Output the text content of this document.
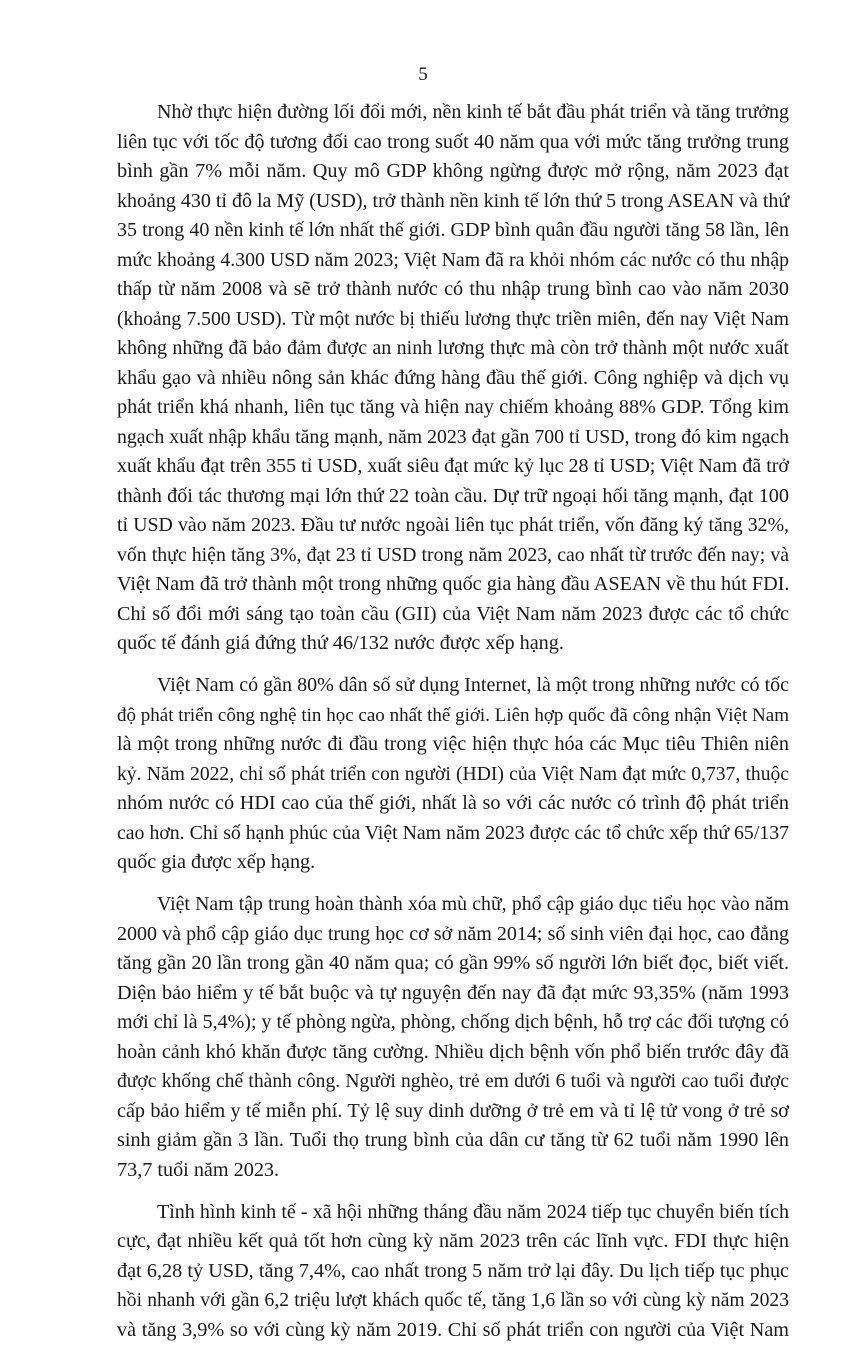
5

Nhờ thực hiện đường lối đổi mới, nền kinh tế bắt đầu phát triển và tăng trưởng

liên tục với tốc độ tương đối cao trong suốt 40 năm qua với mức tăng trưởng trung

bình gần 7% mỗi năm. Quy mô GDP không ngừng được mở rộng, năm 2023 đạt

khoảng 430 tỉ đô la Mỹ (USD), trở thành nền kinh tế lớn thứ 5 trong ASEAN và thứ

35 trong 40 nền kinh tế lớn nhất thế giới. GDP bình quân đầu người tăng 58 lần, lên

mức khoảng 4.300 USD năm 2023; Việt Nam đã ra khỏi nhóm các nước có thu nhập

thấp từ năm 2008 và sẽ trở thành nước có thu nhập trung bình cao vào năm 2030

(khoảng 7.500 USD). Từ một nước bị thiếu lương thực triền miên, đến nay Việt Nam

không những đã bảo đảm được an ninh lương thực mà còn trở thành một nước xuất

khẩu gạo và nhiều nông sản khác đứng hàng đầu thế giới. Công nghiệp và dịch vụ

phát triển khá nhanh, liên tục tăng và hiện nay chiếm khoảng 88% GDP. Tổng kim

ngạch xuất nhập khẩu tăng mạnh, năm 2023 đạt gần 700 tỉ USD, trong đó kim ngạch

xuất khẩu đạt trên 355 tỉ USD, xuất siêu đạt mức kỷ lục 28 tỉ USD; Việt Nam đã trở

thành đối tác thương mại lớn thứ 22 toàn cầu. Dự trữ ngoại hối tăng mạnh, đạt 100

tỉ USD vào năm 2023. Đầu tư nước ngoài liên tục phát triển, vốn đăng ký tăng 32%,

vốn thực hiện tăng 3%, đạt 23 tỉ USD trong năm 2023, cao nhất từ trước đến nay; và

Việt Nam đã trở thành một trong những quốc gia hàng đầu ASEAN về thu hút FDI.

Chỉ số đổi mới sáng tạo toàn cầu (GII) của Việt Nam năm 2023 được các tổ chức

quốc tế đánh giá đứng thứ 46/132 nước được xếp hạng.

Việt Nam có gần 80% dân số sử dụng Internet, là một trong những nước có tốc

độ phát triển công nghệ tin học cao nhất thế giới. Liên hợp quốc đã công nhận Việt Nam

là một trong những nước đi đầu trong việc hiện thực hóa các Mục tiêu Thiên niên

kỷ. Năm 2022, chỉ số phát triển con người (HDI) của Việt Nam đạt mức 0,737, thuộc

nhóm nước có HDI cao của thế giới, nhất là so với các nước có trình độ phát triển

cao hơn. Chỉ số hạnh phúc của Việt Nam năm 2023 được các tổ chức xếp thứ 65/137

quốc gia được xếp hạng.

Việt Nam tập trung hoàn thành xóa mù chữ, phổ cập giáo dục tiểu học vào năm

2000 và phổ cập giáo dục trung học cơ sở năm 2014; số sinh viên đại học, cao đẳng

tăng gần 20 lần trong gần 40 năm qua; có gần 99% số người lớn biết đọc, biết viết.

Diện bảo hiểm y tế bắt buộc và tự nguyện đến nay đã đạt mức 93,35% (năm 1993

mới chỉ là 5,4%); y tế phòng ngừa, phòng, chống dịch bệnh, hỗ trợ các đối tượng có

hoàn cảnh khó khăn được tăng cường. Nhiều dịch bệnh vốn phổ biến trước đây đã

được khống chế thành công. Người nghèo, trẻ em dưới 6 tuổi và người cao tuổi được

cấp bảo hiểm y tế miễn phí. Tỷ lệ suy dinh dưỡng ở trẻ em và tỉ lệ tử vong ở trẻ sơ

sinh giảm gần 3 lần. Tuổi thọ trung bình của dân cư tăng từ 62 tuổi năm 1990 lên

73,7 tuổi năm 2023.

Tình hình kinh tế - xã hội những tháng đầu năm 2024 tiếp tục chuyển biến tích

cực, đạt nhiều kết quả tốt hơn cùng kỳ năm 2023 trên các lĩnh vực. FDI thực hiện

đạt 6,28 tỷ USD, tăng 7,4%, cao nhất trong 5 năm trở lại đây. Du lịch tiếp tục phục

hồi nhanh với gần 6,2 triệu lượt khách quốc tế, tăng 1,6 lần so với cùng kỳ năm 2023

và tăng 3,9% so với cùng kỳ năm 2019. Chỉ số phát triển con người của Việt Nam
